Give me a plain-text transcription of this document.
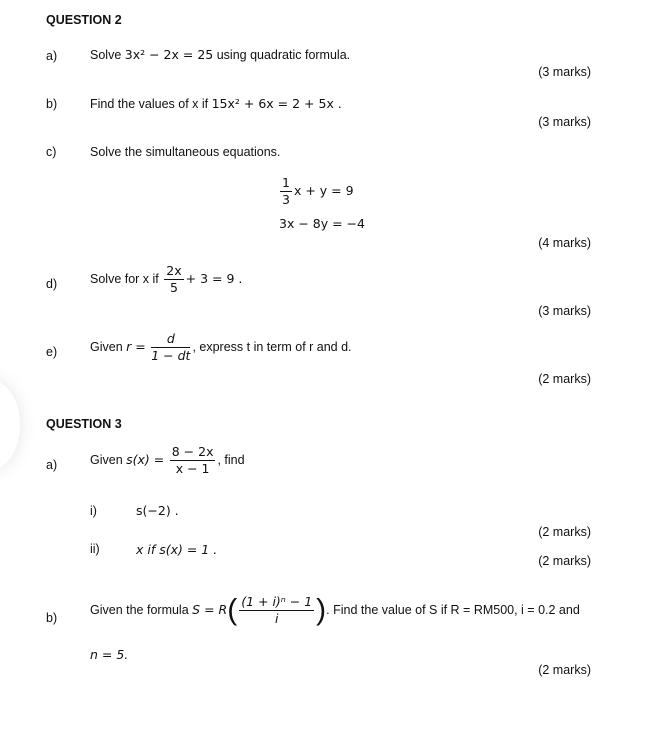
QUESTION 2
a)	Solve 3x² − 2x = 25 using quadratic formula.
(3 marks)
b)	Find the values of x if 15x² + 6x = 2 + 5x .
(3 marks)
c)	Solve the simultaneous equations.
$\frac{1}{3}$ x + y = 9
3x − 8y = −4
(4 marks)
d)	Solve for x if $\frac{2x}{5} + 3 = 9$ .
(3 marks)
e)	Given $r = \frac{d}{1 - dt}$ , express t in term of r and d.
(2 marks)
QUESTION 3
a)	Given $s(x) = \frac{8 - 2x}{x - 1}$ , find
i)	s(−2) .
(2 marks)
ii)	x if s(x) = 1 .
(2 marks)
b)
Given the formula $S = R( \frac{\text{(1 + i)ⁿ − 1}}{i}$ ). Find the value of S if R = RM500, i = 0.2 and
n = 5.
(2 marks)
